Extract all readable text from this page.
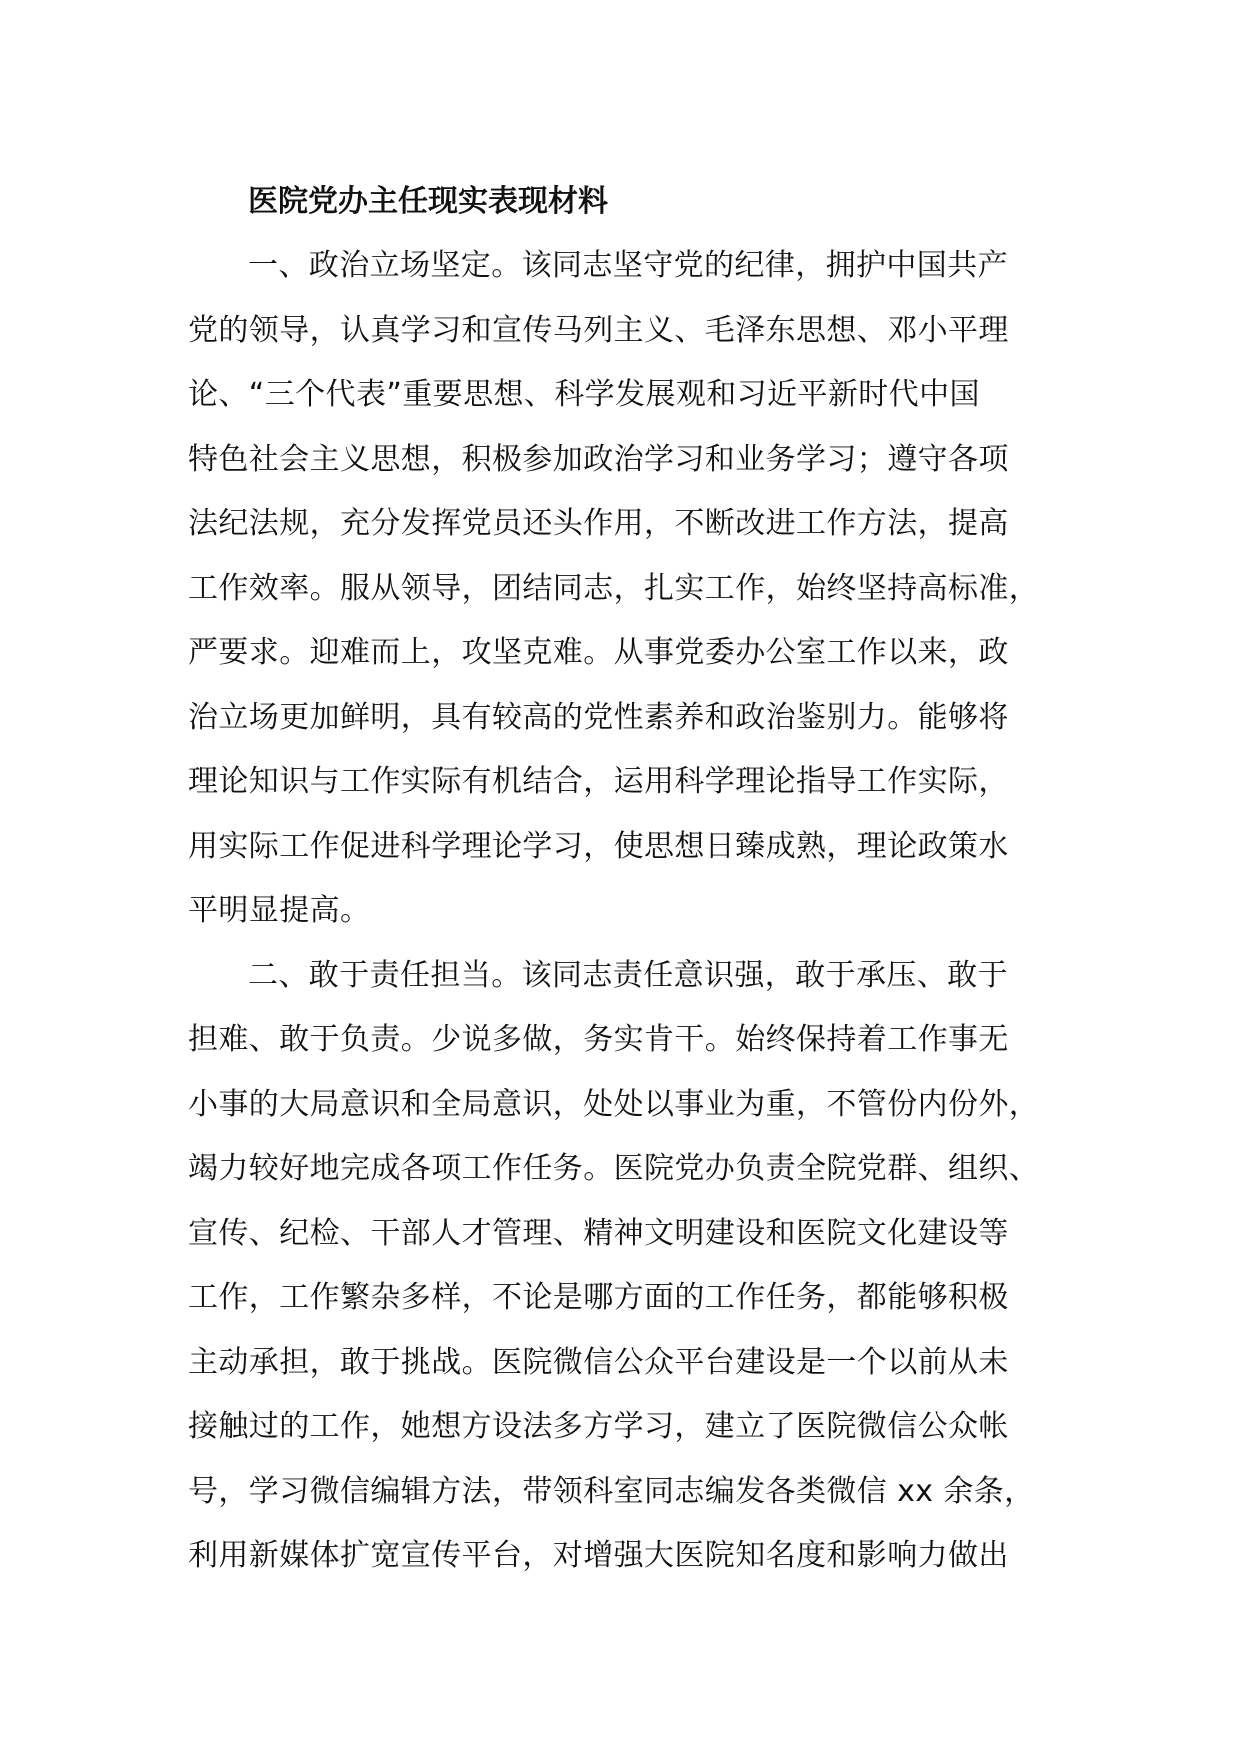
医院党办主任现实表现材料
一、政治立场坚定。该同志坚守党的纪律，拥护中国共产
党的领导，认真学习和宣传马列主义、毛泽东思想、邓小平理
论、“三个代表”重要思想、科学发展观和习近平新时代中国
特色社会主义思想，积极参加政治学习和业务学习；遵守各项
法纪法规，充分发挥党员还头作用，不断改进工作方法，提高
工作效率。服从领导，团结同志，扎实工作，始终坚持高标准，
严要求。迎难而上，攻坚克难。从事党委办公室工作以来，政
治立场更加鲜明，具有较高的党性素养和政治鉴别力。能够将
理论知识与工作实际有机结合，运用科学理论指导工作实际，
用实际工作促进科学理论学习，使思想日臻成熟，理论政策水
平明显提高。
二、敢于责任担当。该同志责任意识强，敢于承压、敢于
担难、敢于负责。少说多做，务实肯干。始终保持着工作事无
小事的大局意识和全局意识，处处以事业为重，不管份内份外，
竭力较好地完成各项工作任务。医院党办负责全院党群、组织、
宣传、纪检、干部人才管理、精神文明建设和医院文化建设等
工作，工作繁杂多样，不论是哪方面的工作任务，都能够积极
主动承担，敢于挑战。医院微信公众平台建设是一个以前从未
接触过的工作，她想方设法多方学习，建立了医院微信公众帐
号，学习微信编辑方法，带领科室同志编发各类微信 xx 余条，
利用新媒体扩宽宣传平台，对增强大医院知名度和影响力做出
